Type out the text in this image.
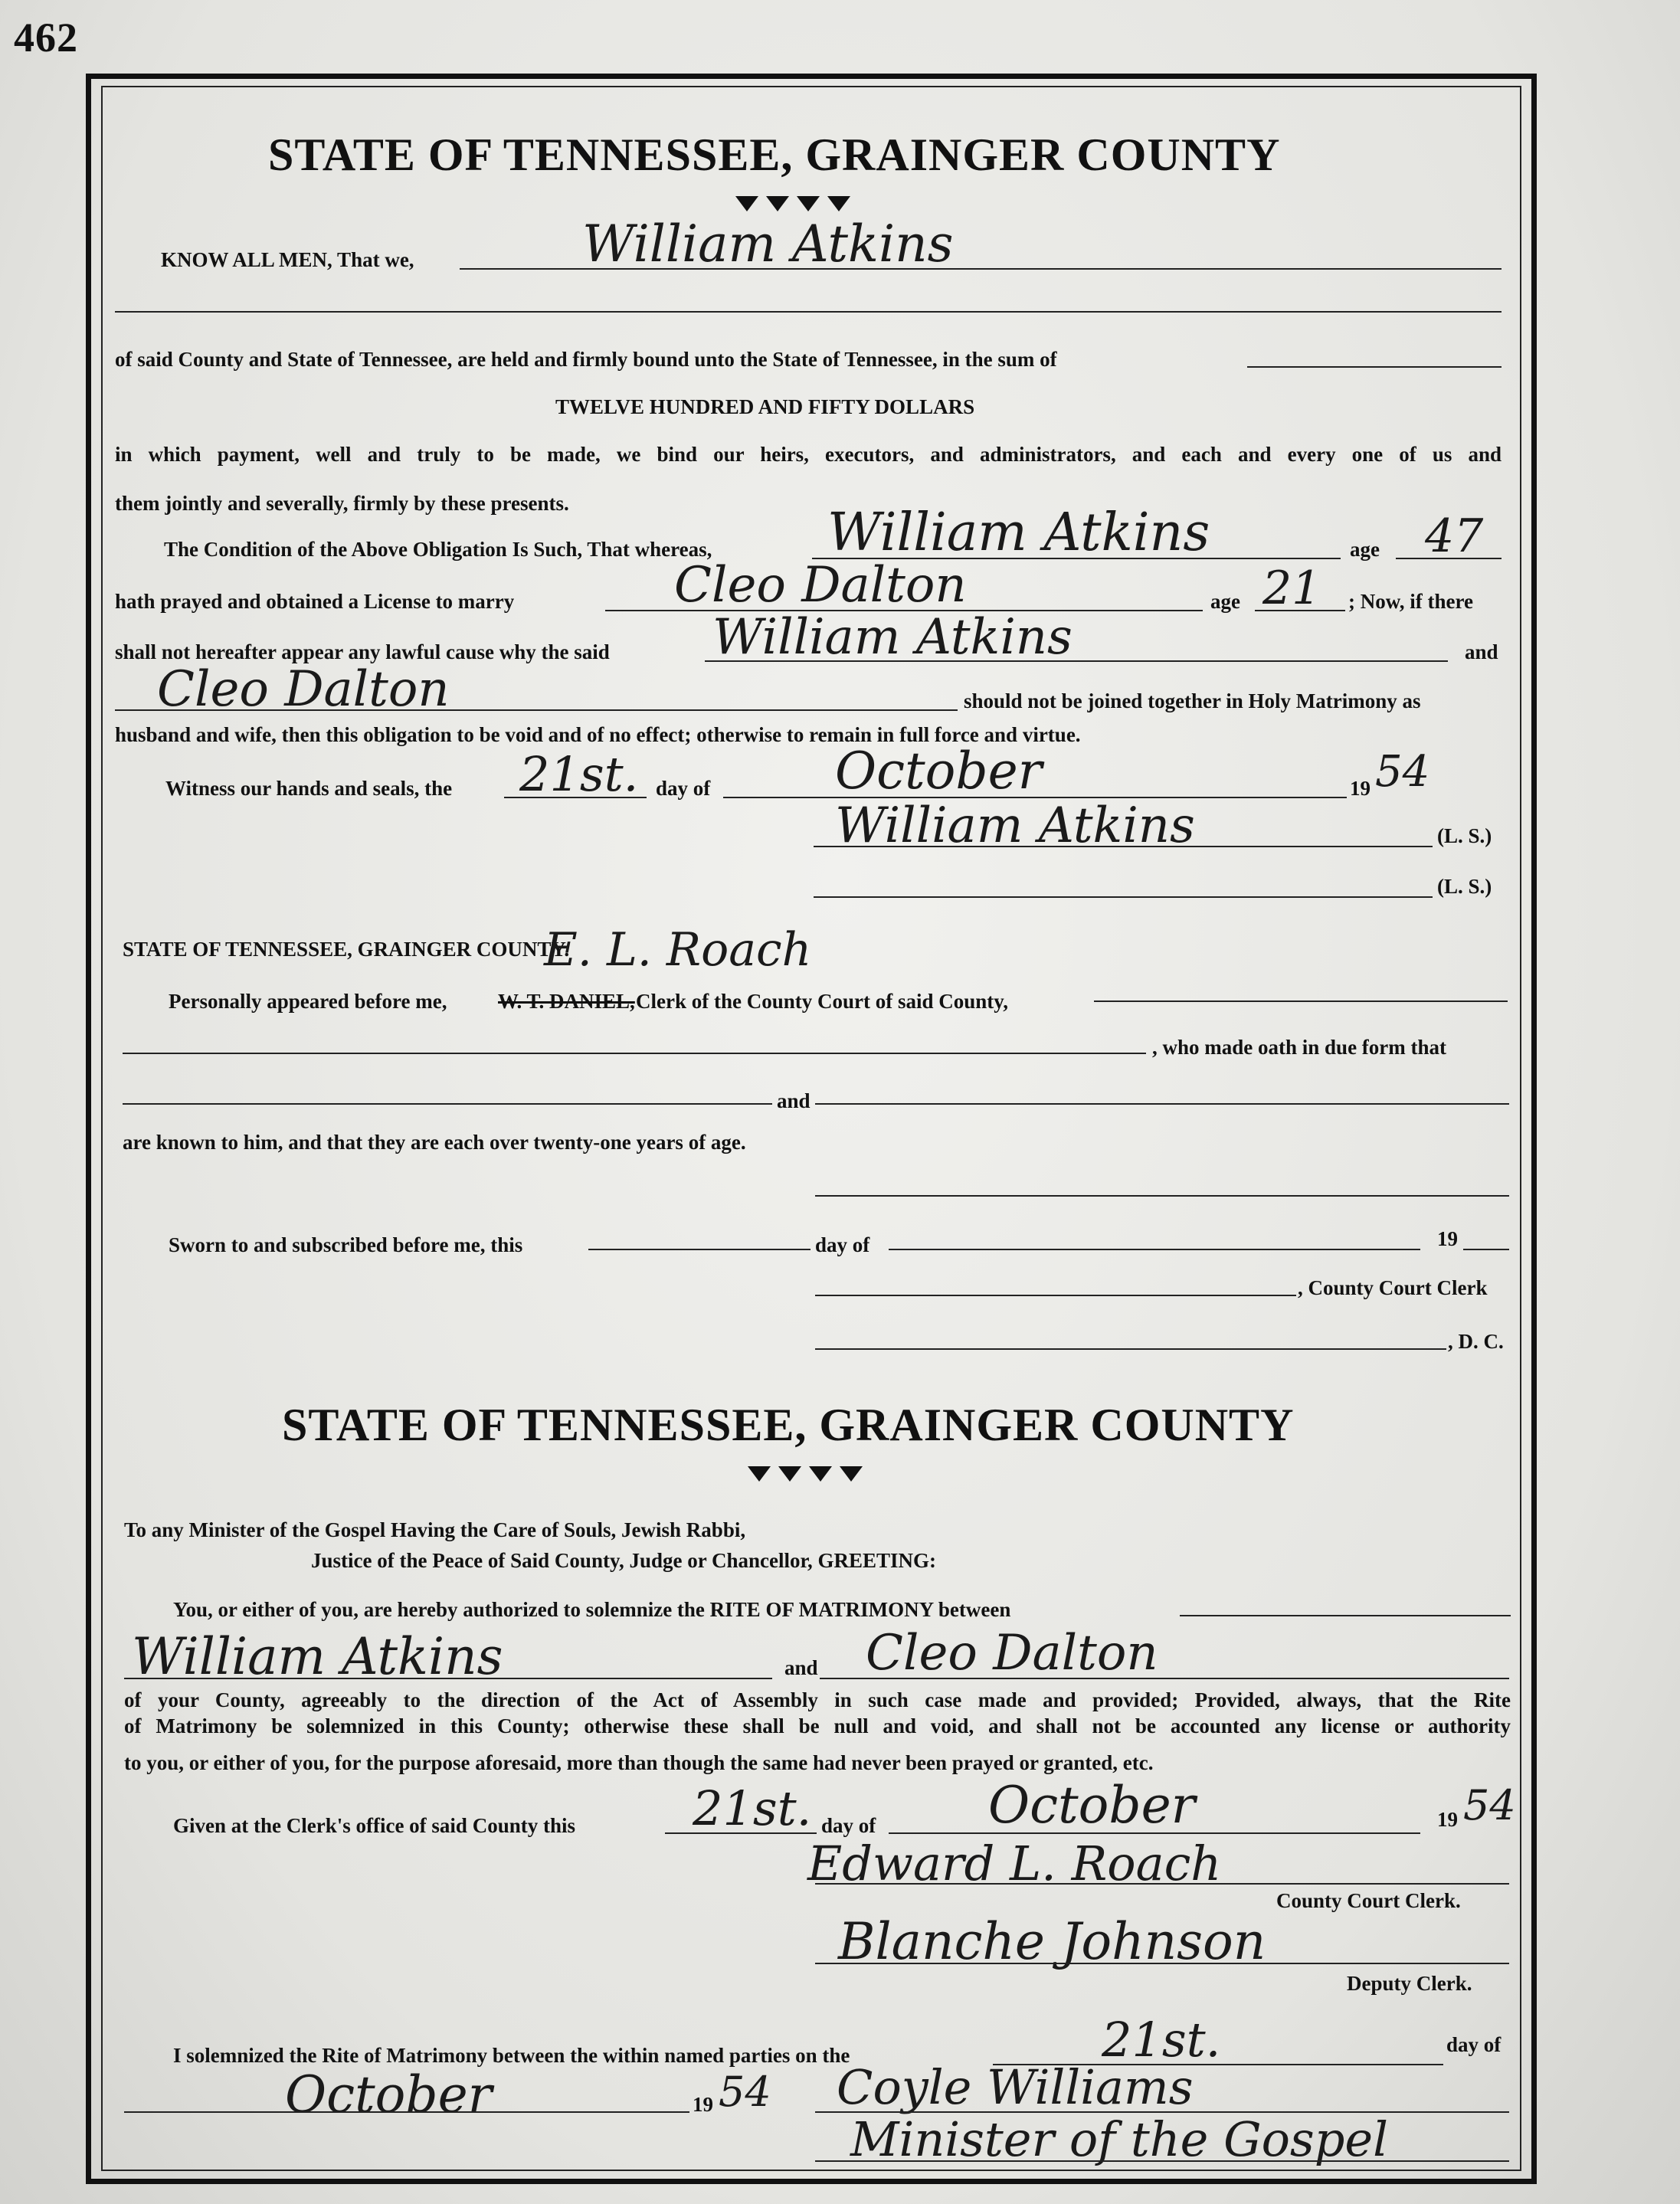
462
STATE OF TENNESSEE, GRAINGER COUNTY
KNOW ALL MEN, That we,	William Atkins
of said County and State of Tennessee, are held and firmly bound unto the State of Tennessee, in the sum of
TWELVE HUNDRED AND FIFTY DOLLARS
in which payment, well and truly to be made, we bind our heirs, executors, and administrators, and each and every one of us and
them jointly and severally, firmly by these presents.
The Condition of the Above Obligation Is Such, That whereas, William Atkins	age 47
hath prayed and obtained a License to marry	Cleo Dalton	age 21 ; Now, if there
shall not hereafter appear any lawful cause why the said William Atkins	and
Cleo Dalton	should not be joined together in Holy Matrimony as
husband and wife, then this obligation to be void and of no effect; otherwise to remain in full force and virtue.
Witness our hands and seals, the 21st. day of October	19 54
William Atkins	(L. S.)
(L. S.)
STATE OF TENNESSEE, GRAINGER COUNTY.
E. L. Roach
Personally appeared before me, W. T. DANIEL, Clerk of the County Court of said County,
, who made oath in due form that
and
are known to him, and that they are each over twenty-one years of age.
Sworn to and subscribed before me, this	day of	19
, County Court Clerk
, D. C.
STATE OF TENNESSEE, GRAINGER COUNTY
To any Minister of the Gospel Having the Care of Souls, Jewish Rabbi,
Justice of the Peace of Said County, Judge or Chancellor, GREETING:
You, or either of you, are hereby authorized to solemnize the RITE OF MATRIMONY between
William Atkins	and Cleo Dalton
of your County, agreeably to the direction of the Act of Assembly in such case made and provided; Provided, always, that the Rite
of Matrimony be solemnized in this County; otherwise these shall be null and void, and shall not be accounted any license or authority
to you, or either of you, for the purpose aforesaid, more than though the same had never been prayed or granted, etc.
Given at the Clerk's office of said County this 21st. day of October	19 54
Edward L. Roach
County Court Clerk.
Blanche Johnson
Deputy Clerk.
I solemnized the Rite of Matrimony between the within named parties on the	21st.	day of
October	19 54 Coyle Williams
Minister of the Gospel
